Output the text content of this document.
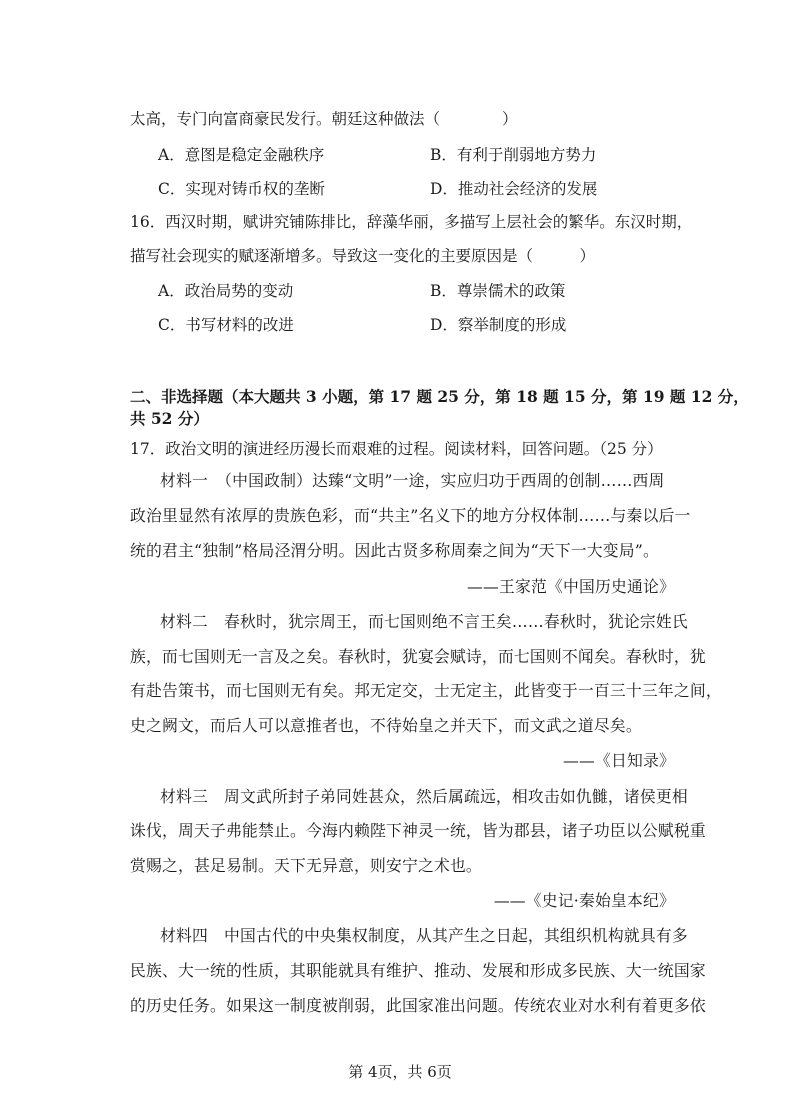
太高，专门向富商豪民发行。朝廷这种做法（　　　　）

A．意图是稳定金融秩序	B．有利于削弱地方势力

C．实现对铸币权的垄断	D．推动社会经济的发展

16．西汉时期，赋讲究铺陈排比，辞藻华丽，多描写上层社会的繁华。东汉时期，

描写社会现实的赋逐渐增多。导致这一变化的主要原因是（　　　）

A．政治局势的变动	B．尊崇儒术的政策

C．书写材料的改进	D．察举制度的形成

二、非选择题（本大题共 3 小题，第 17 题 25 分，第 18 题 15 分，第 19 题 12 分，

共 52 分）

17．政治文明的演进经历漫长而艰难的过程。阅读材料，回答问题。（25 分）

材料一　（中国政制）达臻“文明”一途，实应归功于西周的创制……西周

政治里显然有浓厚的贵族色彩，而“共主”名义下的地方分权体制……与秦以后一

统的君主“独制”格局泾渭分明。因此古贤多称周秦之间为“天下一大变局”。

——王家范《中国历史通论》

材料二　春秋时，犹宗周王，而七国则绝不言王矣……春秋时，犹论宗姓氏

族，而七国则无一言及之矣。春秋时，犹宴会赋诗，而七国则不闻矣。春秋时，犹

有赴告策书，而七国则无有矣。邦无定交，士无定主，此皆变于一百三十三年之间，

史之阙文，而后人可以意推者也，不待始皇之并天下，而文武之道尽矣。

——《日知录》

材料三　周文武所封子弟同姓甚众，然后属疏远，相攻击如仇雠，诸侯更相

诛伐，周天子弗能禁止。今海内赖陛下神灵一统，皆为郡县，诸子功臣以公赋税重

赏赐之，甚足易制。天下无异意，则安宁之术也。

——《史记·秦始皇本纪》

材料四　中国古代的中央集权制度，从其产生之日起，其组织机构就具有多

民族、大一统的性质，其职能就具有维护、推动、发展和形成多民族、大一统国家

的历史任务。如果这一制度被削弱，此国家准出问题。传统农业对水利有着更多依

第 4页，共 6页
